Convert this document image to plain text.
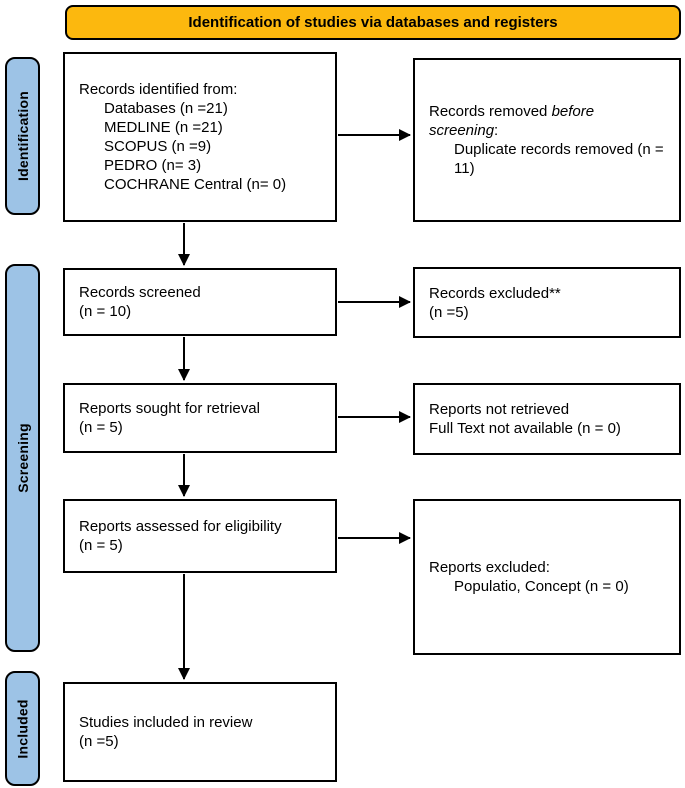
Identification of studies via databases and registers
Identification
Screening
Included
Records identified from:
Databases (n =21)
MEDLINE (n =21)
SCOPUS (n =9)
PEDRO (n= 3)
COCHRANE Central (n= 0)
Records screened
(n = 10)
Reports sought for retrieval
(n = 5)
Reports assessed for eligibility
(n = 5)
Studies included in review
(n =5)
Records removed before
screening:
Duplicate records removed (n = 11)
Records excluded**
(n =5)
Reports not retrieved
Full Text not available (n = 0)
Reports excluded:
Populatio, Concept (n = 0)
